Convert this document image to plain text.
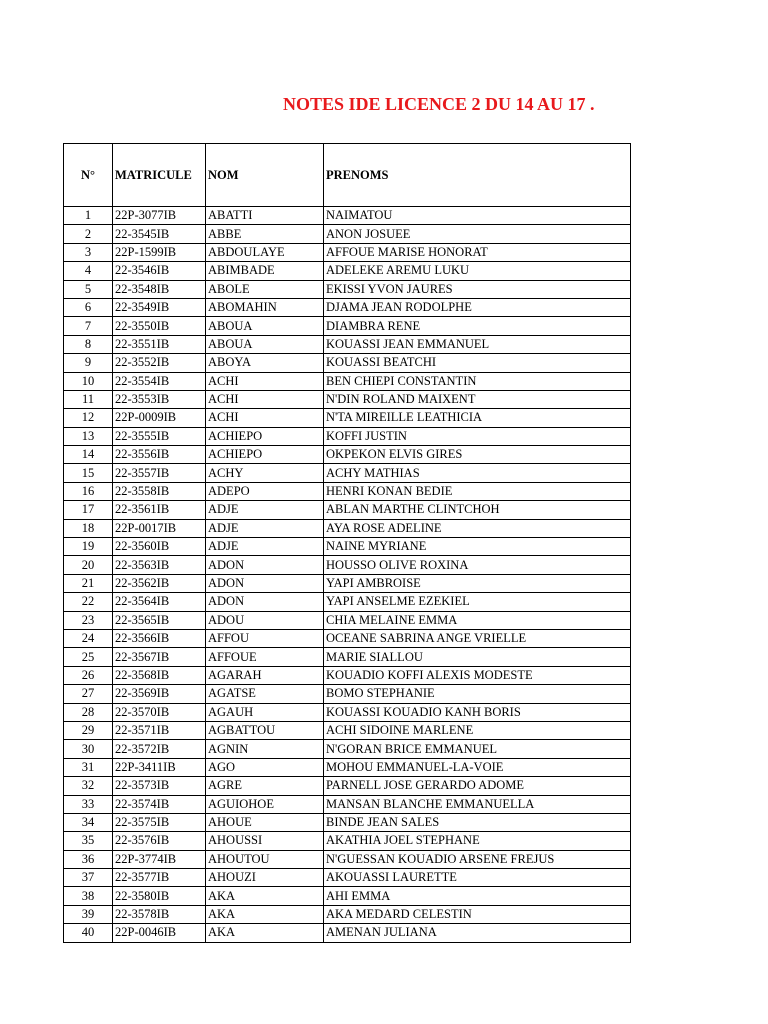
NOTES IDE LICENCE 2 DU 14 AU 17 .
N°	MATRICULE	NOM	PRENOMS
1	22P-3077IB	ABATTI	NAIMATOU
2	22-3545IB	ABBE	ANON JOSUEE
3	22P-1599IB	ABDOULAYE	AFFOUE MARISE HONORAT
4	22-3546IB	ABIMBADE	ADELEKE AREMU LUKU
5	22-3548IB	ABOLE	EKISSI YVON JAURES
6	22-3549IB	ABOMAHIN	DJAMA JEAN RODOLPHE
7	22-3550IB	ABOUA	DIAMBRA RENE
8	22-3551IB	ABOUA	KOUASSI JEAN EMMANUEL
9	22-3552IB	ABOYA	KOUASSI BEATCHI
10	22-3554IB	ACHI	BEN CHIEPI CONSTANTIN
11	22-3553IB	ACHI	N'DIN ROLAND MAIXENT
12	22P-0009IB	ACHI	N'TA MIREILLE LEATHICIA
13	22-3555IB	ACHIEPO	KOFFI JUSTIN
14	22-3556IB	ACHIEPO	OKPEKON ELVIS GIRES
15	22-3557IB	ACHY	ACHY MATHIAS
16	22-3558IB	ADEPO	HENRI KONAN BEDIE
17	22-3561IB	ADJE	ABLAN MARTHE CLINTCHOH
18	22P-0017IB	ADJE	AYA ROSE ADELINE
19	22-3560IB	ADJE	NAINE MYRIANE
20	22-3563IB	ADON	HOUSSO OLIVE ROXINA
21	22-3562IB	ADON	YAPI AMBROISE
22	22-3564IB	ADON	YAPI ANSELME EZEKIEL
23	22-3565IB	ADOU	CHIA MELAINE EMMA
24	22-3566IB	AFFOU	OCEANE SABRINA ANGE VRIELLE
25	22-3567IB	AFFOUE	MARIE SIALLOU
26	22-3568IB	AGARAH	KOUADIO KOFFI ALEXIS MODESTE
27	22-3569IB	AGATSE	BOMO STEPHANIE
28	22-3570IB	AGAUH	KOUASSI KOUADIO KANH BORIS
29	22-3571IB	AGBATTOU	ACHI SIDOINE MARLENE
30	22-3572IB	AGNIN	N'GORAN BRICE EMMANUEL
31	22P-3411IB	AGO	MOHOU EMMANUEL-LA-VOIE
32	22-3573IB	AGRE	PARNELL JOSE GERARDO ADOME
33	22-3574IB	AGUIOHOE	MANSAN BLANCHE EMMANUELLA
34	22-3575IB	AHOUE	BINDE JEAN SALES
35	22-3576IB	AHOUSSI	AKATHIA JOEL STEPHANE
36	22P-3774IB	AHOUTOU	N'GUESSAN KOUADIO ARSENE FREJUS
37	22-3577IB	AHOUZI	AKOUASSI LAURETTE
38	22-3580IB	AKA	AHI EMMA
39	22-3578IB	AKA	AKA MEDARD CELESTIN
40	22P-0046IB	AKA	AMENAN JULIANA
